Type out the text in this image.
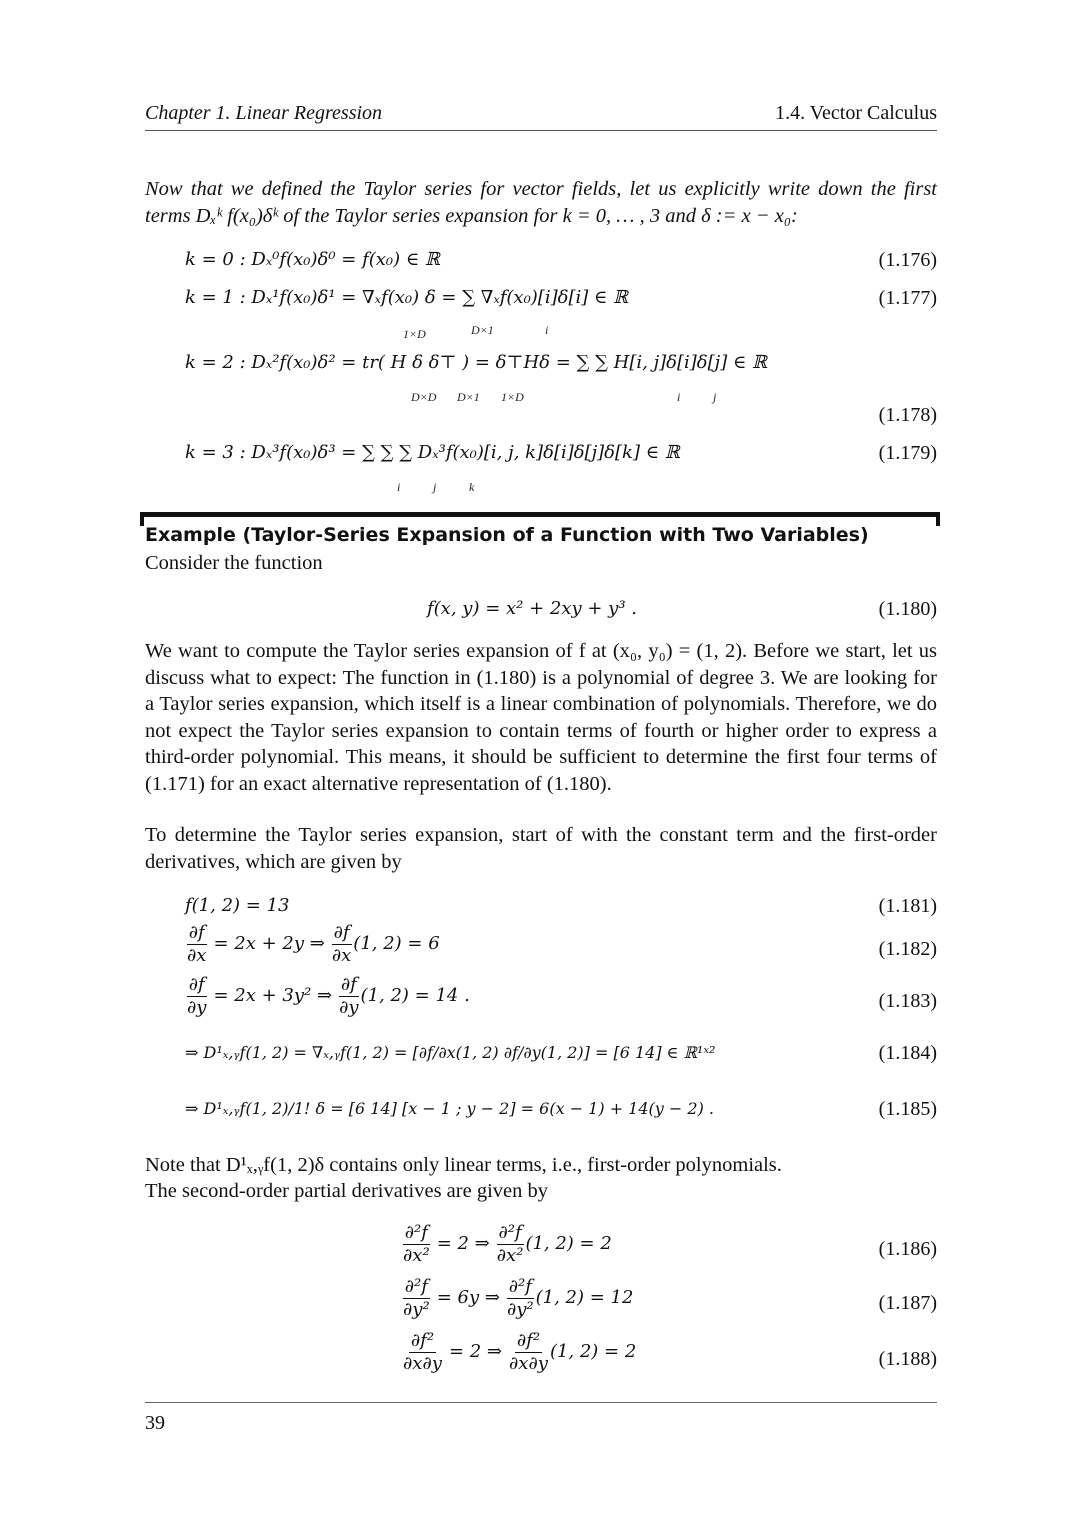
Chapter 1. Linear Regression	1.4. Vector Calculus
Now that we defined the Taylor series for vector fields, let us explicitly write down the first terms Dₓᵏ f(x₀)δᵏ of the Taylor series expansion for k = 0, … , 3 and δ := x − x₀:
k = 0 : Dₓ⁰f(x₀)δ⁰ = f(x₀) ∈ ℝ	(1.176)
k = 1 : Dₓ¹f(x₀)δ¹ = ∇ₓf(x₀) δ = ∑ ∇ₓf(x₀)[i]δ[i] ∈ ℝ	(1.177)
1×D	D×1	i
k = 2 : Dₓ²f(x₀)δ² = tr( H δ δ⊤ ) = δ⊤Hδ = ∑ ∑ H[i, j]δ[i]δ[j] ∈ ℝ
D×D D×1 1×D	i	j
(1.178)
k = 3 : Dₓ³f(x₀)δ³ = ∑ ∑ ∑ Dₓ³f(x₀)[i, j, k]δ[i]δ[j]δ[k] ∈ ℝ	(1.179)
i	j	k
Example (Taylor-Series Expansion of a Function with Two Variables)
Consider the function
f(x, y) = x² + 2xy + y³ .	(1.180)
We want to compute the Taylor series expansion of f at (x₀, y₀) = (1, 2). Before we start, let us discuss what to expect: The function in (1.180) is a polynomial of degree 3. We are looking for a Taylor series expansion, which itself is a linear combination of polynomials. Therefore, we do not expect the Taylor series expansion to contain terms of fourth or higher order to express a third-order polynomial. This means, it should be sufficient to determine the first four terms of (1.171) for an exact alternative representation of (1.180).
To determine the Taylor series expansion, start of with the constant term and the first-order derivatives, which are given by
f(1, 2) = 13	(1.181)
$\frac{\partial f}{\partial x} = 2x + 2y$ ⇒ $\frac{\partial f}{\partial x} (1$, 2) = 6	(1.182)
$\frac{\partial f}{\partial y} = 2x + 3y^2$ ⇒ $\frac{\partial f}{\partial y} (1$, 2) = 14 .	(1.183)
⇒ D¹ₓ,ᵧf(1, 2) = ∇ₓ,ᵧf(1, 2) = [∂f/∂x(1, 2) ∂f/∂y(1, 2)] = [6 14] ∈ ℝ¹ˣ²	(1.184)
⇒ D¹ₓ,ᵧf(1, 2)/1! δ = [6 14] [x − 1 ; y − 2] = 6(x − 1) + 14(y − 2) .	(1.185)
Note that D¹ₓ,ᵧf(1, 2)δ contains only linear terms, i.e., first-order polynomials.
The second-order partial derivatives are given by
$\frac{\text{∂²f}}{\text{∂x²}} = 2$ ⇒ $\frac{\text{∂²f}}{\text{∂x²}} (1$, 2) = 2	(1.186)
$\frac{\text{∂²f}}{\text{∂y²}} = 6y$ ⇒ $\frac{\text{∂²f}}{\text{∂y²}} (1$, 2) = 12	(1.187)
$\frac{\text{∂f²}}{\partial x\partial y} = 2$ ⇒ $\frac{\text{∂f²}}{\partial x\partial y} (1$, 2) = 2	(1.188)
39
